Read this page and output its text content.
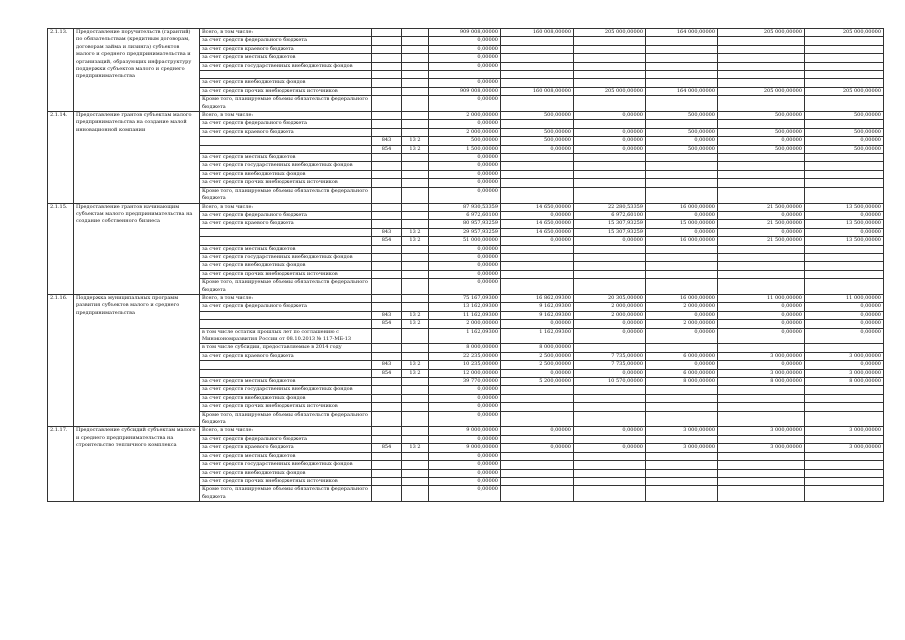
2.1.13.	Предоставление поручительств (гарантий) по обязательствам (кредитным договорам, договорам займа и лизинга) субъектов малого и среднего предпринимательства и организаций, образующих инфраструктуру поддержки субъектов малого и среднего предпринимательства	Всего, в том числе:			909 008,00000	160 008,00000	205 000,00000	164 000,00000	205 000,00000	205 000,00000
		за счет средств федерального бюджета			0,00000					
		за счет средств краевого бюджета			0,00000					
		за счет средств местных бюджетов			0,00000					
		за счет средств государственных внебюджетных фондов			0,00000					

		за счет средств внебюджетных фондов			0,00000					
		за счет средств прочих внебюджетных источников			909 008,00000	160 008,00000	205 000,00000	164 000,00000	205 000,00000	205 000,00000
		Кроме того, планируемые объемы обязательств федерального бюджета			0,00000					
2.1.14.	Предоставление грантов субъектам малого предпринимательства на создание малой инновационной компании	Всего, в том числе:			2 000,00000	500,00000	0,00000	500,00000	500,00000	500,00000
		за счет средств федерального бюджета			0,00000					
		за счет средств краевого бюджета			2 000,00000	500,00000	0,00000	500,00000	500,00000	500,00000
			843	13 2	500,00000	500,00000	0,00000	0,00000	0,00000	0,00000
			854	13 2	1 500,00000	0,00000	0,00000	500,00000	500,00000	500,00000
		за счет средств местных бюджетов			0,00000					
		за счет средств государственных внебюджетных фондов			0,00000					
		за счет средств внебюджетных фондов			0,00000					
		за счет средств прочих внебюджетных источников			0,00000					
		Кроме того, планируемые объемы обязательств федерального бюджета			0,00000					
2.1.15.	Предоставление грантов начинающим субъектам малого предпринимательства на создание собственного бизнеса	Всего, в том числе:			87 930,53359	14 650,00000	22 280,53359	16 000,00000	21 500,00000	13 500,00000
		за счет средств федерального бюджета			6 972,60100	0,00000	6 972,60100	0,00000	0,00000	0,00000
		за счет средств краевого бюджета			80 957,93259	14 650,00000	15 307,93259	15 000,00000	21 500,00000	13 500,00000
			843	13 2	29 957,93259	14 650,00000	15 307,93259	0,00000	0,00000	0,00000
			854	13 2	51 000,00000	0,00000	0,00000	16 000,00000	21 500,00000	13 500,00000
		за счет средств местных бюджетов			0,00000					
		за счет средств государственных внебюджетных фондов			0,00000					
		за счет средств внебюджетных фондов			0,00000					
		за счет средств прочих внебюджетных источников			0,00000					
		Кроме того, планируемые объемы обязательств федерального бюджета			0,00000					
2.1.16.	Поддержка муниципальных программ развития субъектов малого и среднего предпринимательства	Всего, в том числе:			75 167,09300	16 862,09300	20 305,00000	16 000,00000	11 000,00000	11 000,00000
		за счет средств федерального бюджета			13 162,09300	9 162,09300	2 000,00000	2 000,00000	0,00000	0,00000
			843	13 2	11 162,09300	9 162,09300	2 000,00000	0,00000	0,00000	0,00000
			854	13 2	2 000,00000	0,00000	0,00000	2 000,00000	0,00000	0,00000
		в том числе остатки прошлых лет по соглашению с Минэкономразвития России от 08.10.2013 № 117-МБ-13			1 162,09300	1 162,09300	0,00000	0,00000	0,00000	0,00000
		в том числе субсидии, предоставляемые в 2014 году			8 000,00000	8 000,00000				
		за счет средств краевого бюджета			22 235,00000	2 500,00000	7 735,00000	6 000,00000	3 000,00000	3 000,00000
			843	13 2	10 235,00000	2 500,00000	7 735,00000	0,00000	0,00000	0,00000
			854	13 2	12 000,00000	0,00000	0,00000	6 000,00000	3 000,00000	3 000,00000
		за счет средств местных бюджетов			39 770,00000	5 200,00000	10 570,00000	8 000,00000	8 000,00000	8 000,00000
		за счет средств государственных внебюджетных фондов			0,00000					
		за счет средств внебюджетных фондов			0,00000					
		за счет средств прочих внебюджетных источников			0,00000					
		Кроме того, планируемые объемы обязательств федерального бюджета			0,00000					
2.1.17.	Предоставление субсидий субъектам малого и среднего предпринимательства на строительство тепличного комплекса	Всего, в том числе:			9 000,00000	0,00000	0,00000	3 000,00000	3 000,00000	3 000,00000
		за счет средств федерального бюджета			0,00000					
		за счет средств краевого бюджета	854	13 2	9 000,00000	0,00000	0,00000	3 000,00000	3 000,00000	3 000,00000
		за счет средств местных бюджетов			0,00000					
		за счет средств государственных внебюджетных фондов			0,00000					
		за счет средств внебюджетных фондов			0,00000					
		за счет средств прочих внебюджетных источников			0,00000					
		Кроме того, планируемые объемы обязательств федерального бюджета			0,00000					
